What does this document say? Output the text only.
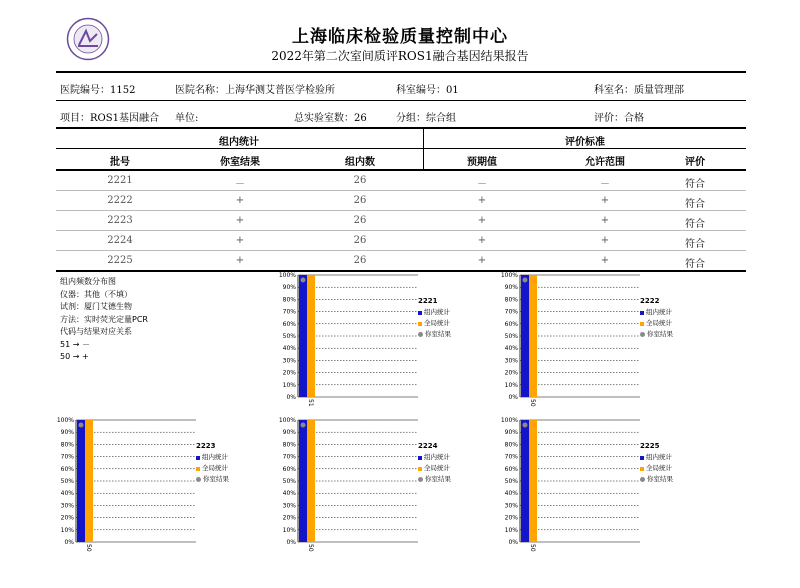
上海临床检验质量控制中心
2022年第二次室间质评ROS1融合基因结果报告
医院编号：1152	医院名称：上海华测艾普医学检验所	科室编号：01	科室名：质量管理部
项目：ROS1基因融合 单位:	总实验室数：26	分组：综合组	评价：合格
组内统计	评价标准
批号	你室结果	组内数	预期值	允许范围	评价
2221	－	26	－	－	符合
2222	+	26	+	+	符合
2223	+	26	+	+	符合
2224	+	26	+	+	符合
2225	+	26	+	+	符合
组内频数分布图
仪器：其他（不填）
试剂：厦门艾德生物
方法：实时荧光定量PCR
代码与结果对应关系
51 → －
50 → +
100%
90%
80%
70%
60%
50%
40%
30%
20%
10%
0%
51
2221
组内统计
全局统计
你室结果
100%
90%
80%
70%
60%
50%
40%
30%
20%
10%
0%
50
2222
组内统计
全局统计
你室结果
100%
90%
80%
70%
60%
50%
40%
30%
20%
10%
0%
50
2223
组内统计
全局统计
你室结果
100%
90%
80%
70%
60%
50%
40%
30%
20%
10%
0%
50
2224
组内统计
全局统计
你室结果
100%
90%
80%
70%
60%
50%
40%
30%
20%
10%
0%
50
2225
组内统计
全局统计
你室结果
